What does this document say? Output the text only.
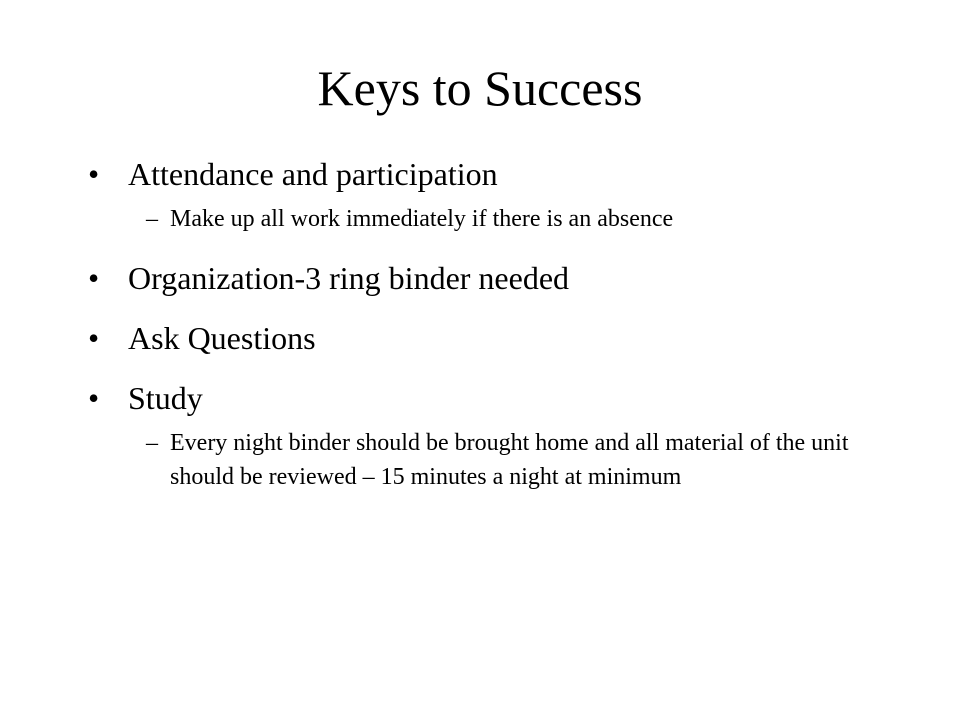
Keys to Success
• Attendance and participation
– Make up all work immediately if there is an absence
• Organization-3 ring binder needed
• Ask Questions
• Study
– Every night binder should be brought home and all material of the unit should be reviewed – 15 minutes a night at minimum
